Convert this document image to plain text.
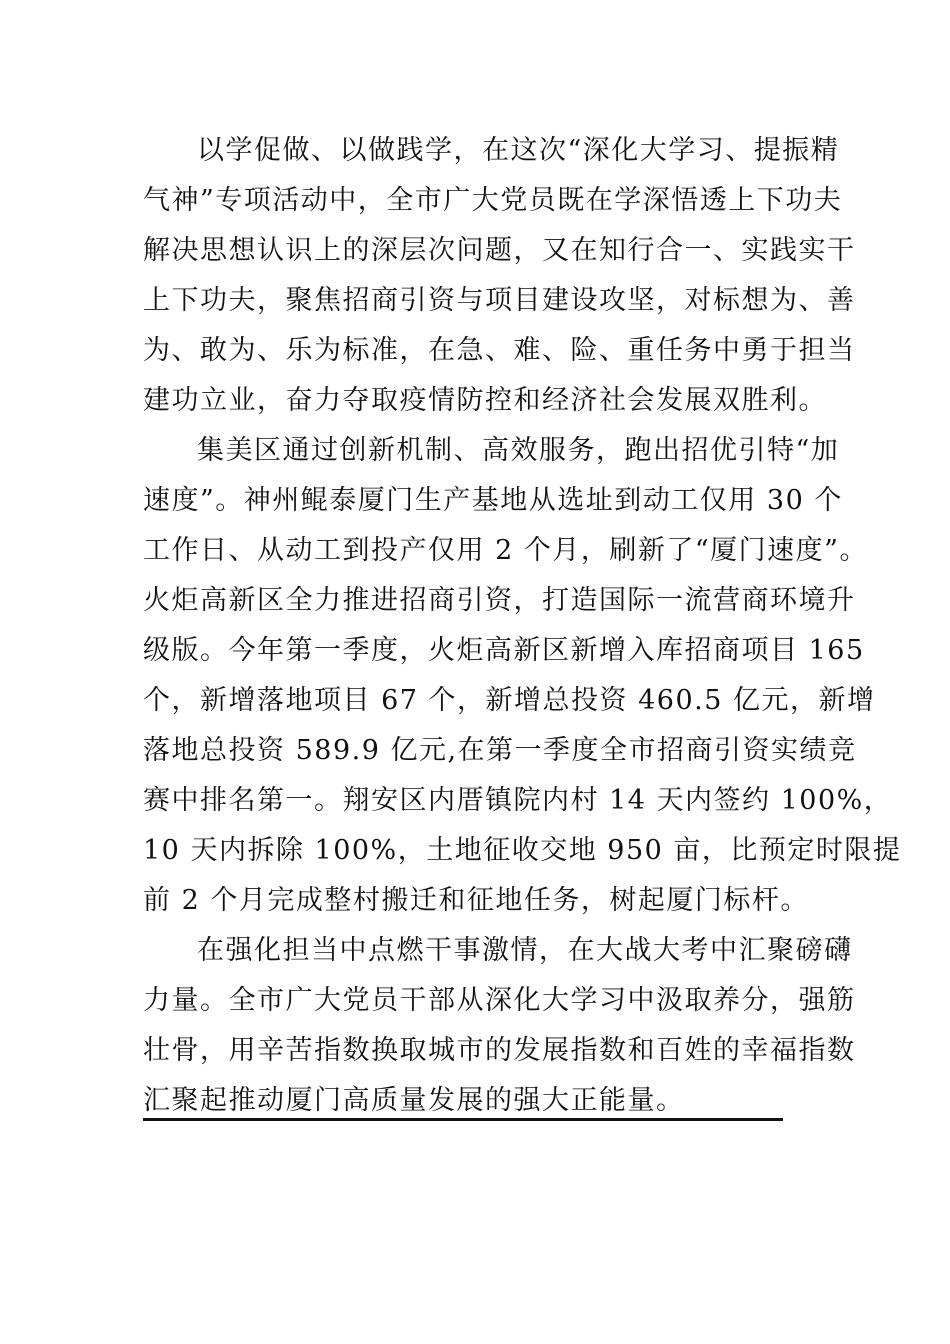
以学促做、以做践学，在这次“深化大学习、提振精
气神”专项活动中，全市广大党员既在学深悟透上下功夫
解决思想认识上的深层次问题，又在知行合一、实践实干
上下功夫，聚焦招商引资与项目建设攻坚，对标想为、善
为、敢为、乐为标准，在急、难、险、重任务中勇于担当
建功立业，奋力夺取疫情防控和经济社会发展双胜利。
集美区通过创新机制、高效服务，跑出招优引特“加
速度”。神州鲲泰厦门生产基地从选址到动工仅用 30 个
工作日、从动工到投产仅用 2 个月，刷新了“厦门速度”。
火炬高新区全力推进招商引资，打造国际一流营商环境升
级版。今年第一季度，火炬高新区新增入库招商项目 165
个，新增落地项目 67 个，新增总投资 460.5 亿元，新增
落地总投资 589.9 亿元,在第一季度全市招商引资实绩竞
赛中排名第一。翔安区内厝镇院内村 14 天内签约 100%，
10 天内拆除 100%，土地征收交地 950 亩，比预定时限提
前 2 个月完成整村搬迁和征地任务，树起厦门标杆。
在强化担当中点燃干事激情，在大战大考中汇聚磅礴
力量。全市广大党员干部从深化大学习中汲取养分，强筋
壮骨，用辛苦指数换取城市的发展指数和百姓的幸福指数
汇聚起推动厦门高质量发展的强大正能量。
